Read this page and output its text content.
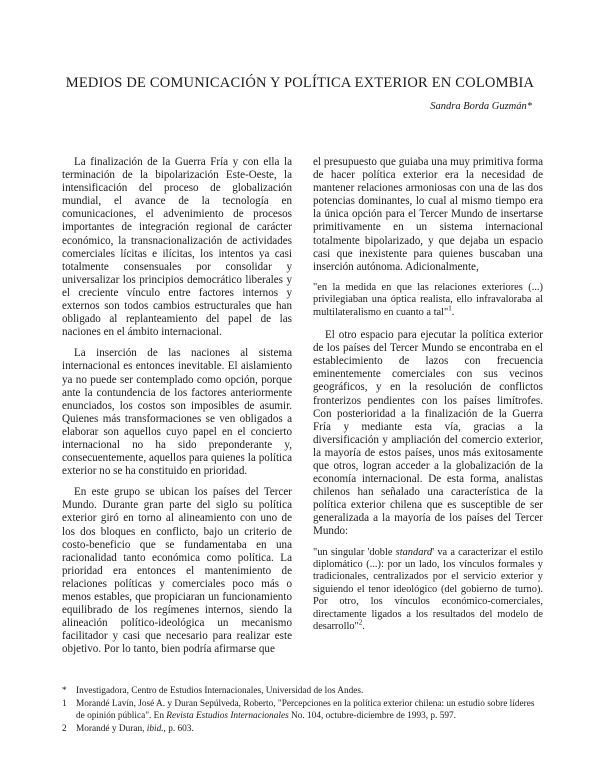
MEDIOS DE COMUNICACIÓN Y POLÍTICA EXTERIOR EN COLOMBIA
Sandra Borda Guzmán*

La finalización de la Guerra Fría y con ella la terminación de la bipolarización Este-Oeste, la intensificación del proceso de globalización mundial, el avance de la tecnología en comunicaciones, el advenimiento de procesos importantes de integración regional de carácter económico, la transnacionalización de actividades comerciales lícitas e ilícitas, los intentos ya casi totalmente consensuales por consolidar y universalizar los principios democrático liberales y el creciente vínculo entre factores internos y externos son todos cambios estructurales que han obligado al replanteamiento del papel de las naciones en el ámbito internacional.

La inserción de las naciones al sistema internacional es entonces inevitable. El aislamiento ya no puede ser contemplado como opción, porque ante la contundencia de los factores anteriormente enunciados, los costos son imposibles de asumir. Quienes más transformaciones se ven obligados a elaborar son aquellos cuyo papel en el concierto internacional no ha sido preponderante y, consecuentemente, aquellos para quienes la política exterior no se ha constituido en prioridad.

En este grupo se ubican los países del Tercer Mundo. Durante gran parte del siglo su política exterior giró en torno al alineamiento con uno de los dos bloques en conflicto, bajo un criterio de costo-beneficio que se fundamentaba en una racionalidad tanto económica como política. La prioridad era entonces el mantenimiento de relaciones políticas y comerciales poco más o menos estables, que propiciaran un funcionamiento equilibrado de los regímenes internos, siendo la alineación político-ideológica un mecanismo facilitador y casi que necesario para realizar este objetivo. Por lo tanto, bien podría afirmarse que

el presupuesto que guiaba una muy primitiva forma de hacer política exterior era la necesidad de mantener relaciones armoniosas con una de las dos potencias dominantes, lo cual al mismo tiempo era la única opción para el Tercer Mundo de insertarse primitivamente en un sistema internacional totalmente bipolarizado, y que dejaba un espacio casi que inexistente para quienes buscaban una inserción autónoma. Adicionalmente,

"en la medida en que las relaciones exteriores (...) privilegiaban una óptica realista, ello infravaloraba al multilateralismo en cuanto a tal"$^1$.

El otro espacio para ejecutar la política exterior de los países del Tercer Mundo se encontraba en el establecimiento de lazos con frecuencia eminentemente comerciales con sus vecinos geográficos, y en la resolución de conflictos fronterizos pendientes con los países limítrofes. Con posterioridad a la finalización de la Guerra Fría y mediante esta vía, gracias a la diversificación y ampliación del comercio exterior, la mayoría de estos países, unos más exitosamente que otros, logran acceder a la globalización de la economía internacional. De esta forma, analistas chilenos han señalado una característica de la política exterior chilena que es susceptible de ser generalizada a la mayoría de los países del Tercer Mundo:

"un singular 'doble standard' va a caracterizar el estilo diplomático (...): por un lado, los vínculos formales y tradicionales, centralizados por el servicio exterior y siguiendo el tenor ideológico (del gobierno de turno). Por otro, los vínculos económico-comerciales, directamente ligados a los resultados del modelo de desarrollo"$^2$.

* Investigadora, Centro de Estudios Internacionales, Universidad de los Andes.
1 Morandé Lavín, José A. y Duran Sepúlveda, Roberto, "Percepciones en la política exterior chilena: un estudio sobre líderes de opinión pública". En Revista Estudios Internacionales No. 104, octubre-diciembre de 1993, p. 597.
2 Morandé y Duran, ibid., p. 603.
